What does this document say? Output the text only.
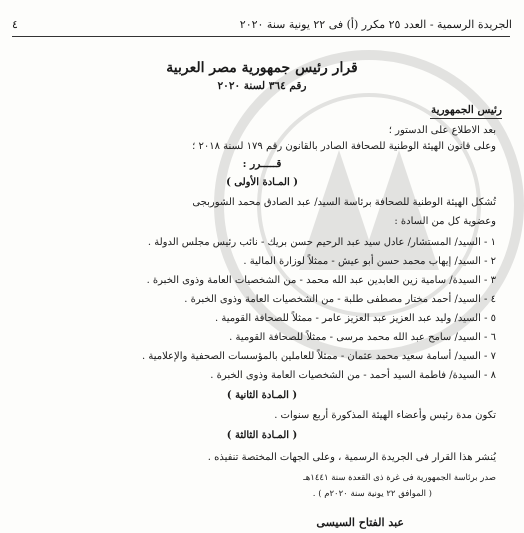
٤	الجريدة الرسمية - العدد ٢٥ مكرر (أ) فى ٢٢ يونية سنة ٢٠٢٠
قرار رئيس جمهورية مصر العربية
رقم ٣٦٤ لسنة ٢٠٢٠
رئيس الجمهورية
بعد الاطلاع على الدستور ؛
وعلى قانون الهيئة الوطنية للصحافة الصادر بالقانون رقم ١٧٩ لسنة ٢٠١٨ ؛
قـــــرر :
( المـادة الأولى )
تُشكل الهيئة الوطنية للصحافة برئاسة السيد/ عبد الصادق محمد الشوربجى
وعضوية كل من السادة :
١ - السيد/ المستشار/ عادل سيد عبد الرحيم حسن بريك - نائب رئيس مجلس الدولة .
٢ - السيد/ إيهاب محمد حسن أبو عيش - ممثلاً لوزارة المالية .
٣ - السيدة/ سامية زين العابدين عبد الله محمد - من الشخصيات العامة وذوى الخبرة .
٤ - السيد/ أحمد مختار مصطفى طلبة - من الشخصيات العامة وذوى الخبرة .
٥ - السيد/ وليد عبد العزيز عبد العزيز عامر - ممثلاً للصحافة القومية .
٦ - السيد/ سامح عبد الله محمد مرسى - ممثلاً للصحافة القومية .
٧ - السيد/ أسامة سعيد محمد عثمان - ممثلاً للعاملين بالمؤسسات الصحفية والإعلامية .
٨ - السيدة/ فاطمة السيد أحمد - من الشخصيات العامة وذوى الخبرة .
( المـادة الثانية )
تكون مدة رئيس وأعضاء الهيئة المذكورة أربع سنوات .
( المـادة الثالثة )
يُنشر هذا القرار فى الجريدة الرسمية ، وعلى الجهات المختصة تنفيذه .
صدر برئاسة الجمهورية فى غرة ذى القعدة سنة ١٤٤١هـ
( الموافق ٢٢ يونية سنة ٢٠٢٠م ) .
عبد الفتاح السيسى
